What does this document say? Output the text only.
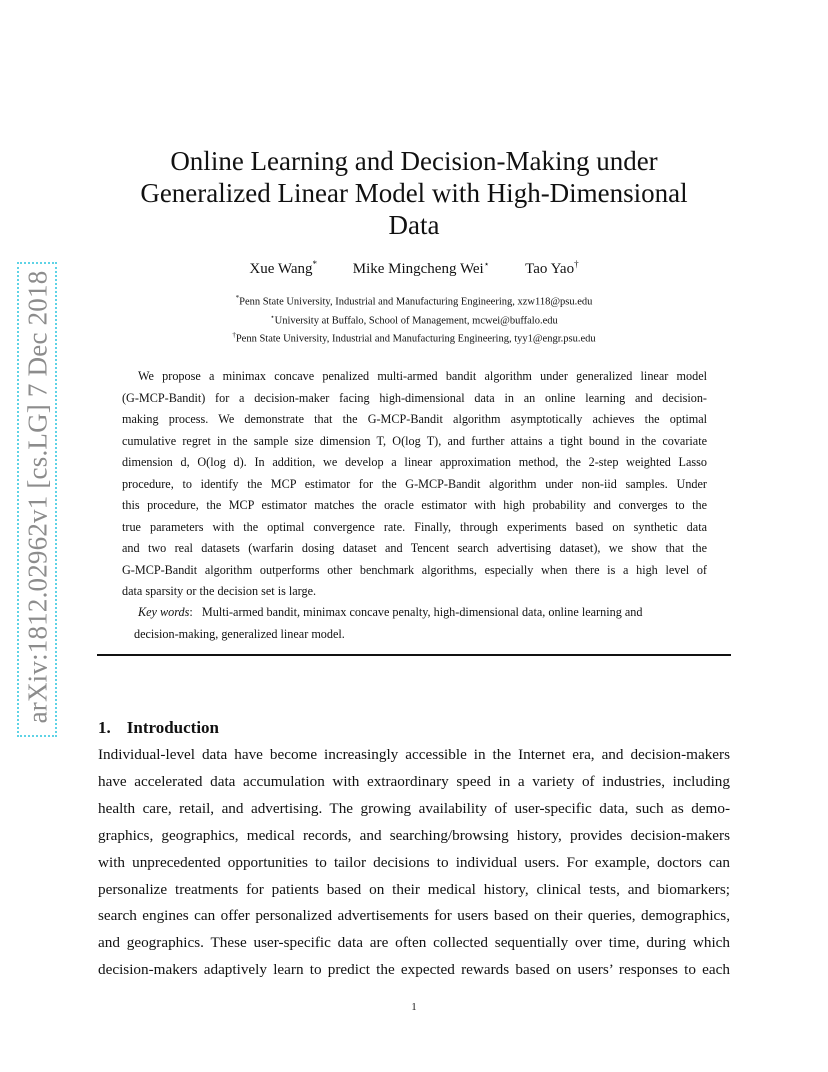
arXiv:1812.02962v1 [cs.LG] 7 Dec 2018
Online Learning and Decision-Making under
Generalized Linear Model with High-Dimensional
Data
Xue Wang* Mike Mingcheng Wei⋆ Tao Yao†
*Penn State University, Industrial and Manufacturing Engineering, xzw118@psu.edu
⋆University at Buffalo, School of Management, mcwei@buffalo.edu
†Penn State University, Industrial and Manufacturing Engineering, tyy1@engr.psu.edu
We propose a minimax concave penalized multi-armed bandit algorithm under generalized linear model
(G-MCP-Bandit) for a decision-maker facing high-dimensional data in an online learning and decision-
making process. We demonstrate that the G-MCP-Bandit algorithm asymptotically achieves the optimal
cumulative regret in the sample size dimension T, O(log T), and further attains a tight bound in the covariate
dimension d, O(log d). In addition, we develop a linear approximation method, the 2-step weighted Lasso
procedure, to identify the MCP estimator for the G-MCP-Bandit algorithm under non-iid samples. Under
this procedure, the MCP estimator matches the oracle estimator with high probability and converges to the
true parameters with the optimal convergence rate. Finally, through experiments based on synthetic data
and two real datasets (warfarin dosing dataset and Tencent search advertising dataset), we show that the
G-MCP-Bandit algorithm outperforms other benchmark algorithms, especially when there is a high level of
data sparsity or the decision set is large.
Key words:   Multi-armed bandit, minimax concave penalty, high-dimensional data, online learning and
decision-making, generalized linear model.
1. Introduction
Individual-level data have become increasingly accessible in the Internet era, and decision-makers
have accelerated data accumulation with extraordinary speed in a variety of industries, including
health care, retail, and advertising. The growing availability of user-specific data, such as demo-
graphics, geographics, medical records, and searching/browsing history, provides decision-makers
with unprecedented opportunities to tailor decisions to individual users. For example, doctors can
personalize treatments for patients based on their medical history, clinical tests, and biomarkers;
search engines can offer personalized advertisements for users based on their queries, demographics,
and geographics. These user-specific data are often collected sequentially over time, during which
decision-makers adaptively learn to predict the expected rewards based on users’ responses to each
1
